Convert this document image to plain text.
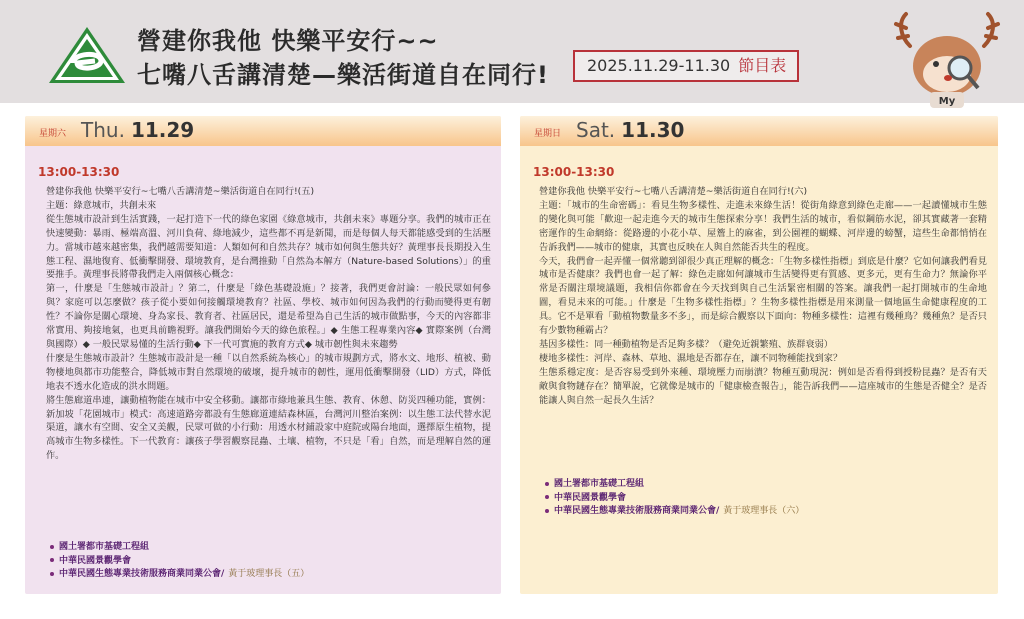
營建你我他 快樂平安行~~
七嘴八舌講清楚—樂活街道自在同行!	2025.11.29-11.30 節目表
My
星期六 Thu. 11.29
13:00-13:30

營建你我他 快樂平安行~七嘴八舌講清楚~樂活街道自在同行!(五)

主題：綠意城市，共創未來

從生態城市設計到生活實踐，一起打造下一代的綠色家園《綠意城市，共創未來》專題分享。我們的城市正在快速變動：暴雨、極端高溫、河川負荷、綠地減少，這些都不再是新聞，而是每個人每天都能感受到的生活壓力。當城市越來越密集，我們越需要知道：人類如何和自然共存？城市如何與生態共好？黃理事長長期投入生態工程、濕地復育、低衝擊開發、環境教育，是台灣推動「自然為本解方（Nature-based Solutions）」的重要推手。黃理事長將帶我們走入兩個核心概念：

第一，什麼是「生態城市設計」？第二，什麼是「綠色基礎設施」？接著，我們更會討論：一般民眾如何參與？家庭可以怎麼做？孩子從小要如何接觸環境教育？社區、學校、城市如何因為我們的行動而變得更有韌性？不論你是關心環境、身為家長、教育者、社區居民，還是希望為自己生活的城市做點事，今天的內容都非常實用、夠接地氣，也更具前瞻視野。讓我們開始今天的綠色旅程。」◆ 生態工程專業內容◆ 實際案例（台灣與國際）◆ 一般民眾易懂的生活行動◆ 下一代可實施的教育方式◆ 城市韌性與未來趨勢

什麼是生態城市設計？生態城市設計是一種「以自然系統為核心」的城市規劃方式，將水文、地形、植被、動物棲地與都市功能整合，降低城市對自然環境的破壞，提升城市的韌性，運用低衝擊開發（LID）方式，降低地表不透水化造成的洪水問題。

將生態廊道串連，讓動植物能在城市中安全移動。讓都市綠地兼具生態、教育、休憩、防災四種功能，實例：新加坡「花園城市」模式：高速道路旁都設有生態廊道連結森林區，台灣河川整治案例：以生態工法代替水泥渠道，讓水有空間、安全又美觀，民眾可做的小行動：用透水材鋪設家中庭院或陽台地面，選擇原生植物，提高城市生物多樣性。下一代教育：讓孩子學習觀察昆蟲、土壤、植物，不只是「看」自然，而是理解自然的運作。

國土署都市基礎工程組
中華民國景觀學會
中華民國生態專業技術服務商業同業公會/ 黃于玻理事長（五）
星期日 Sat. 11.30
13:00-13:30

營建你我他 快樂平安行~七嘴八舌講清楚~樂活街道自在同行!(六)

主題：「城市的生命密碼」：看見生物多樣性、走進未來綠生活！從街角綠意到綠色走廊——一起讀懂城市生態的變化與可能「歡迎一起走進今天的城市生態探索分享！我們生活的城市，看似鋼筋水泥，卻其實藏著一套精密運作的生命網絡：從路邊的小花小草、屋簷上的麻雀，到公園裡的蝴蝶、河岸邊的螃蟹，這些生命都悄悄在告訴我們——城市的健康，其實也反映在人與自然能否共生的程度。

今天，我們會一起弄懂一個常聽到卻很少真正理解的概念：「生物多樣性指標」到底是什麼？它如何讓我們看見城市是否健康？我們也會一起了解：綠色走廊如何讓城市生活變得更有質感、更多元，更有生命力？無論你平常是否關注環境議題，我相信你都會在今天找到與自己生活緊密相關的答案。讓我們一起打開城市的生命地圖，看見未來的可能。」什麼是「生物多樣性指標」？生物多樣性指標是用來測量一個地區生命健康程度的工具。它不是單看「動植物數量多不多」，而是綜合觀察以下面向：物種多樣性：這裡有幾種鳥？幾種魚？是否只有少數物種霸占？

基因多樣性：同一種動植物是否足夠多樣？（避免近親繁殖、族群衰弱）

棲地多樣性：河岸、森林、草地、濕地是否都存在，讓不同物種能找到家？

生態系穩定度：是否容易受到外來種、環境壓力而崩潰？物種互動現況：例如是否看得到授粉昆蟲？是否有天敵與食物鏈存在？簡單說，它就像是城市的「健康檢查報告」，能告訴我們——這座城市的生態是否健全？是否能讓人與自然一起長久生活？

國土署都市基礎工程組
中華民國景觀學會
中華民國生態專業技術服務商業同業公會/ 黃于玻理事長（六）
